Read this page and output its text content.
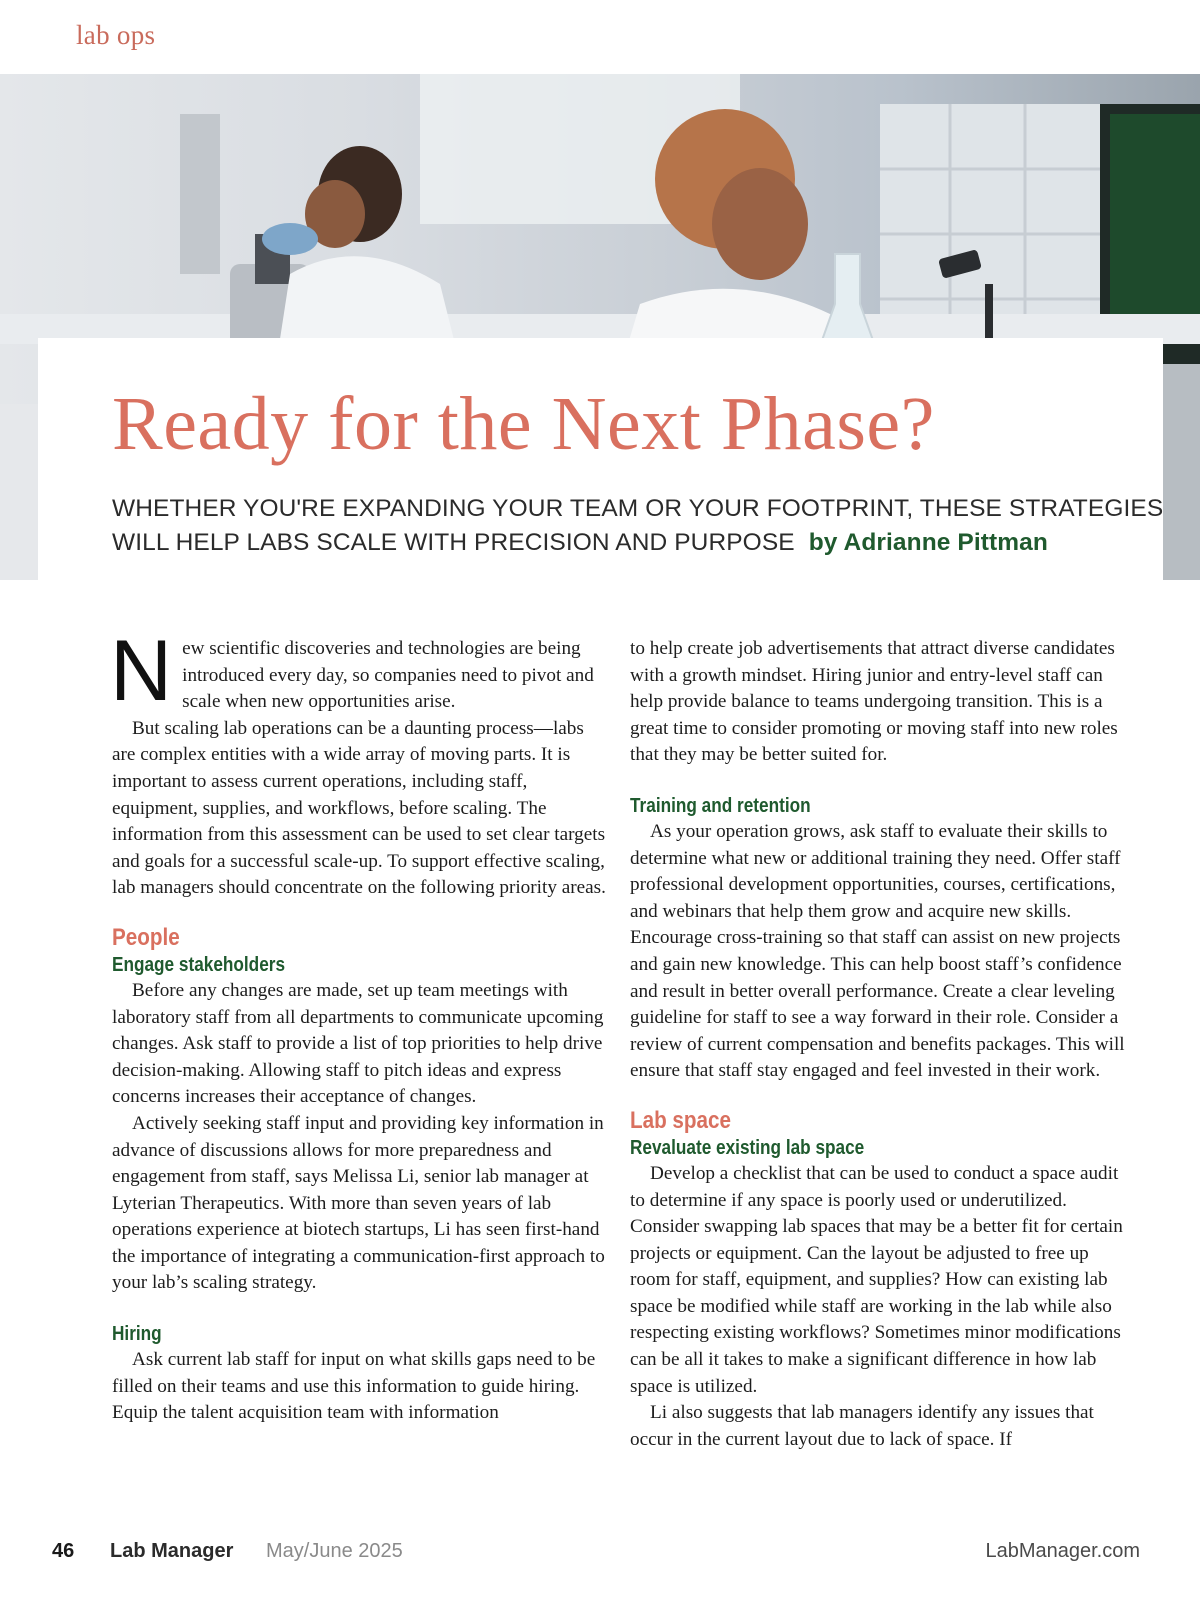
lab ops
Ready for the Next Phase?

WHETHER YOU'RE EXPANDING YOUR TEAM OR YOUR FOOTPRINT, THESE STRATEGIES
WILL HELP LABS SCALE WITH PRECISION AND PURPOSE by Adrianne Pittman

New scientific discoveries and technologies are being introduced every day, so companies need to pivot and scale when new opportunities arise.

But scaling lab operations can be a daunting process—labs are complex entities with a wide array of moving parts. It is important to assess current operations, including staff, equipment, supplies, and workflows, before scaling. The information from this assessment can be used to set clear targets and goals for a successful scale-up. To support effective scaling, lab managers should concentrate on the following priority areas.

People
Engage stakeholders

Before any changes are made, set up team meetings with laboratory staff from all departments to communicate upcoming changes. Ask staff to provide a list of top priorities to help drive decision-making. Allowing staff to pitch ideas and express concerns increases their acceptance of changes.

Actively seeking staff input and providing key information in advance of discussions allows for more preparedness and engagement from staff, says Melissa Li, senior lab manager at Lyterian Therapeutics. With more than seven years of lab operations experience at biotech startups, Li has seen first-hand the importance of integrating a communication-first approach to your lab’s scaling strategy.

Hiring

Ask current lab staff for input on what skills gaps need to be filled on their teams and use this information to guide hiring. Equip the talent acquisition team with information

to help create job advertisements that attract diverse candidates with a growth mindset. Hiring junior and entry-level staff can help provide balance to teams undergoing transition. This is a great time to consider promoting or moving staff into new roles that they may be better suited for.

Training and retention

As your operation grows, ask staff to evaluate their skills to determine what new or additional training they need. Offer staff professional development opportunities, courses, certifications, and webinars that help them grow and acquire new skills. Encourage cross-training so that staff can assist on new projects and gain new knowledge. This can help boost staff’s confidence and result in better overall performance. Create a clear leveling guideline for staff to see a way forward in their role. Consider a review of current compensation and benefits packages. This will ensure that staff stay engaged and feel invested in their work.

Lab space
Revaluate existing lab space

Develop a checklist that can be used to conduct a space audit to determine if any space is poorly used or underutilized. Consider swapping lab spaces that may be a better fit for certain projects or equipment. Can the layout be adjusted to free up room for staff, equipment, and supplies? How can existing lab space be modified while staff are working in the lab while also respecting existing workflows? Sometimes minor modifications can be all it takes to make a significant difference in how lab space is utilized.

Li also suggests that lab managers identify any issues that occur in the current layout due to lack of space. If

46 Lab Manager May/June 2025	LabManager.com
